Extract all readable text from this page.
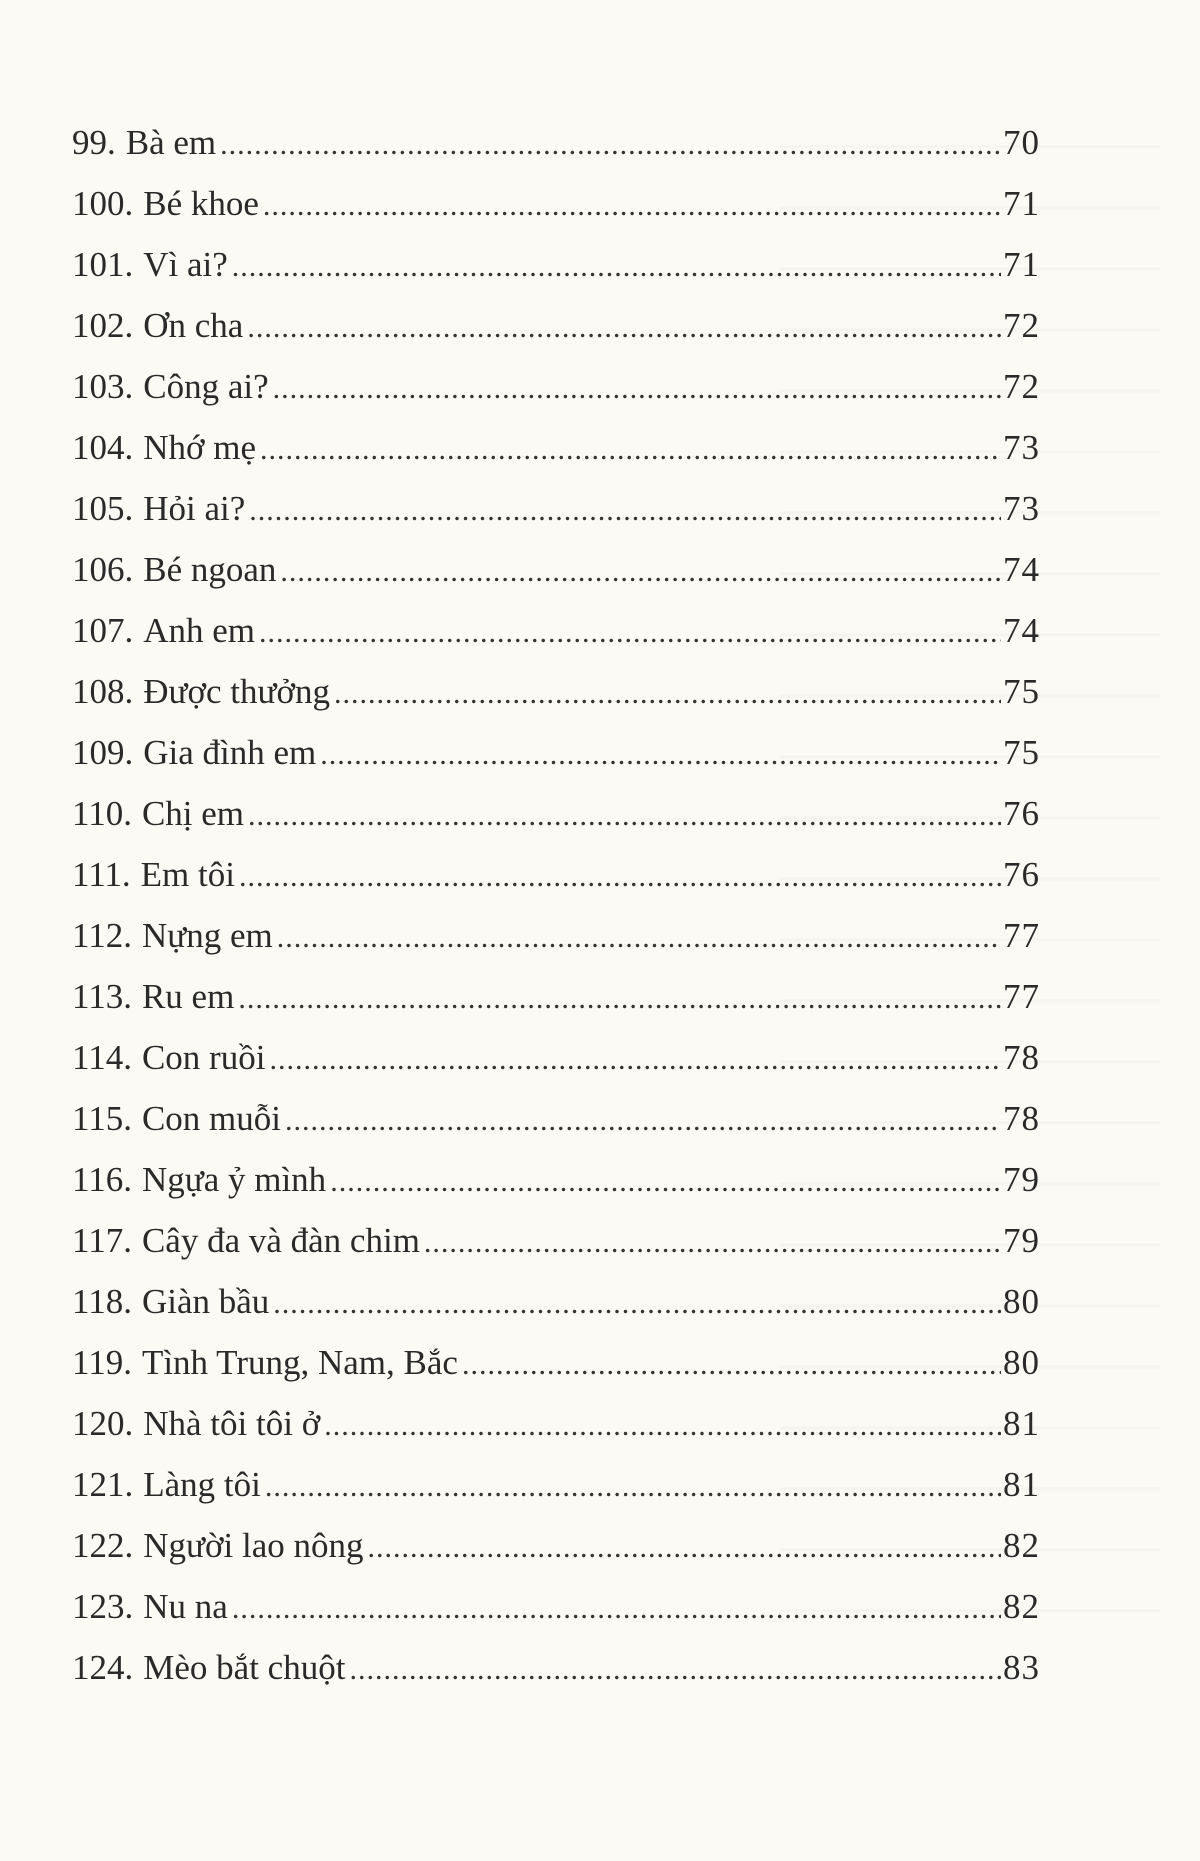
99. Bà em .....	70
100. Bé khoe .....	71
101. Vì ai? .....	71
102. Ơn cha .....	72
103. Công ai? .....	72
104. Nhớ mẹ .....	73
105. Hỏi ai? .....	73
106. Bé ngoan .....	74
107. Anh em .....	74
108. Được thưởng .....	75
109. Gia đình em .....	75
110. Chị em .....	76
111. Em tôi .....	76
112. Nựng em .....	77
113. Ru em .....	77
114. Con ruồi .....	78
115. Con muỗi .....	78
116. Ngựa ỷ mình .....	79
117. Cây đa và đàn chim .....	79
118. Giàn bầu .....	80
119. Tình Trung, Nam, Bắc .....	80
120. Nhà tôi tôi ở .....	81
121. Làng tôi .....	81
122. Người lao nông .....	82
123. Nu na .....	82
124. Mèo bắt chuột .....	83
